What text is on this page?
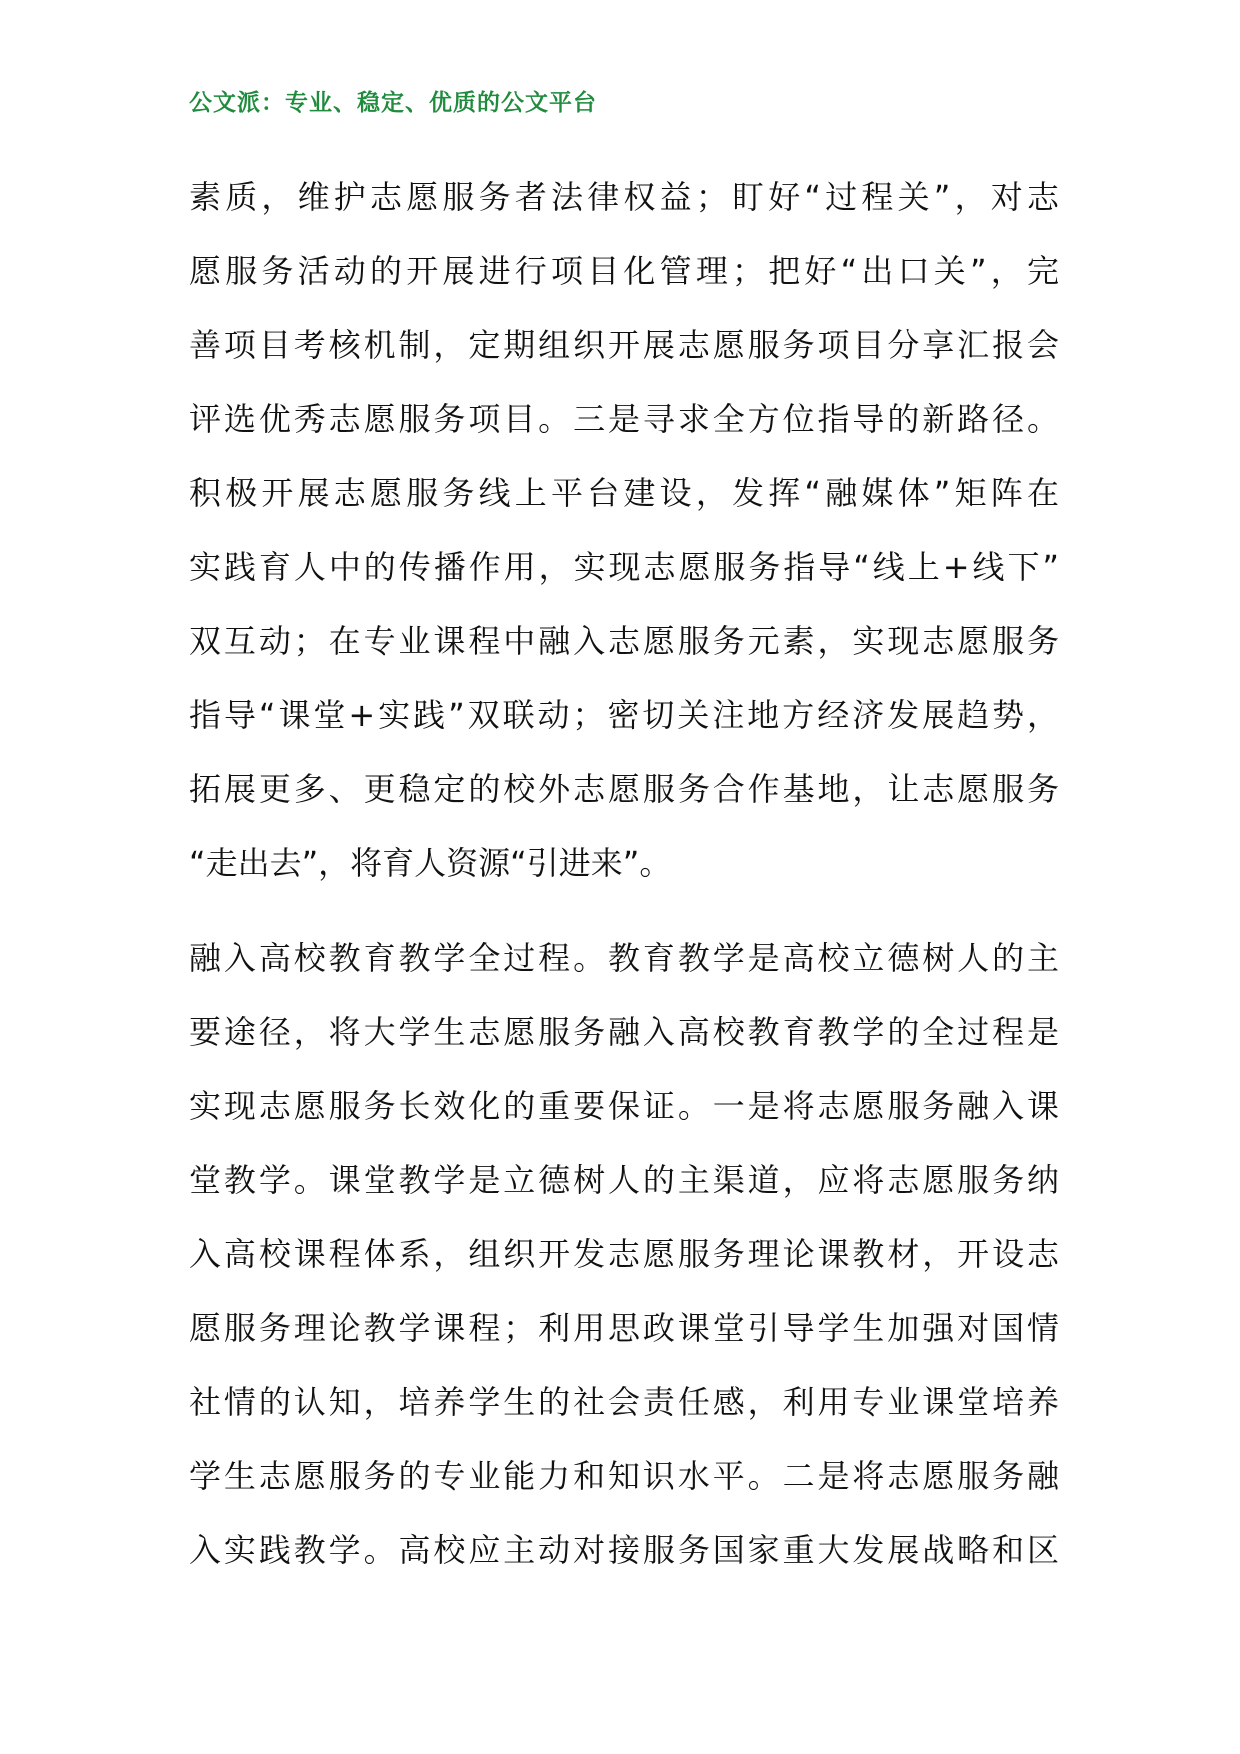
公文派：专业、稳定、优质的公文平台
素质，维护志愿服务者法律权益；盯好“过程关”，对志
愿服务活动的开展进行项目化管理；把好“出口关”，完
善项目考核机制，定期组织开展志愿服务项目分享汇报会
评选优秀志愿服务项目。三是寻求全方位指导的新路径。
积极开展志愿服务线上平台建设，发挥“融媒体”矩阵在
实践育人中的传播作用，实现志愿服务指导“线上+线下”
双互动；在专业课程中融入志愿服务元素，实现志愿服务
指导“课堂+实践”双联动；密切关注地方经济发展趋势，
拓展更多、更稳定的校外志愿服务合作基地，让志愿服务
“走出去”，将育人资源“引进来”。
融入高校教育教学全过程。教育教学是高校立德树人的主
要途径，将大学生志愿服务融入高校教育教学的全过程是
实现志愿服务长效化的重要保证。一是将志愿服务融入课
堂教学。课堂教学是立德树人的主渠道，应将志愿服务纳
入高校课程体系，组织开发志愿服务理论课教材，开设志
愿服务理论教学课程；利用思政课堂引导学生加强对国情
社情的认知，培养学生的社会责任感，利用专业课堂培养
学生志愿服务的专业能力和知识水平。二是将志愿服务融
入实践教学。高校应主动对接服务国家重大发展战略和区
